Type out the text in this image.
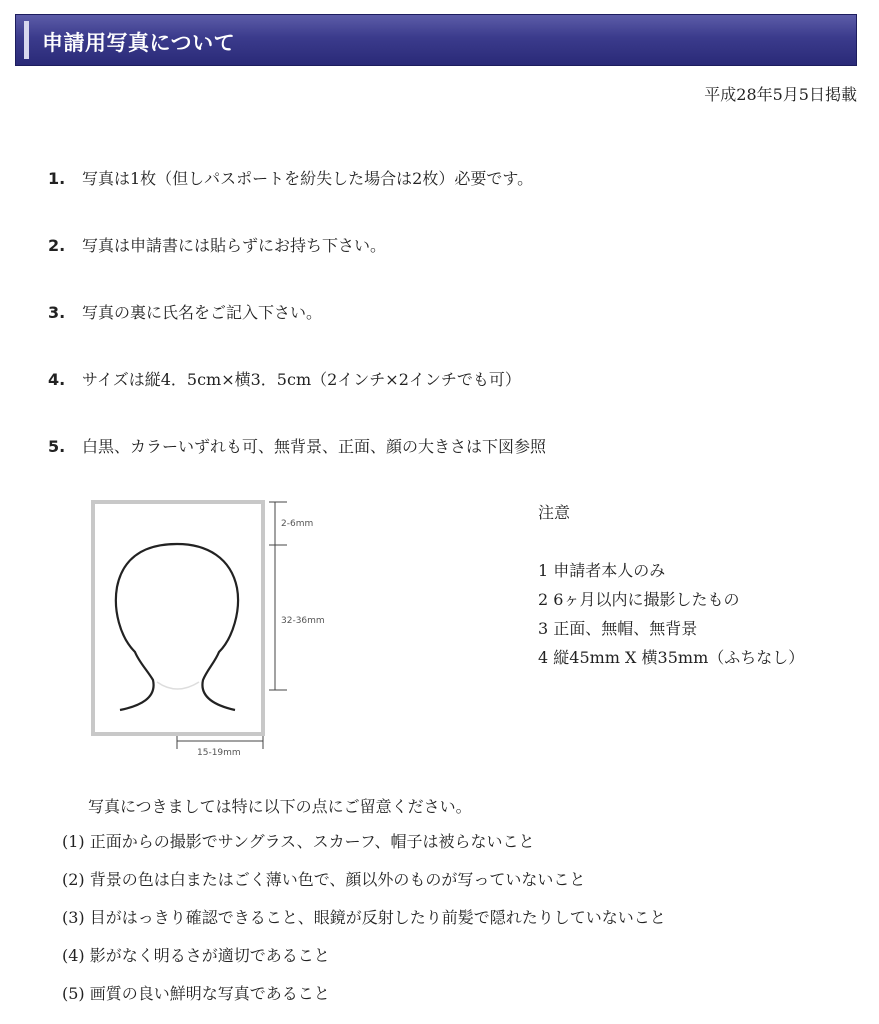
申請用写真について
平成28年5月5日掲載
1. 写真は1枚（但しパスポートを紛失した場合は2枚）必要です。
2. 写真は申請書には貼らずにお持ち下さい。
3. 写真の裏に氏名をご記入下さい。
4. サイズは縦4．5cm×横3．5cm（2インチ×2インチでも可）
5. 白黒、カラーいずれも可、無背景、正面、顔の大きさは下図参照
2-6mm
32-36mm
15-19mm
注意
1 申請者本人のみ
2 6ヶ月以内に撮影したもの
3 正面、無帽、無背景
4 縦45mm X 横35mm（ふちなし）
写真につきましては特に以下の点にご留意ください。
(1) 正面からの撮影でサングラス、スカーフ、帽子は被らないこと
(2) 背景の色は白またはごく薄い色で、顔以外のものが写っていないこと
(3) 目がはっきり確認できること、眼鏡が反射したり前髪で隠れたりしていないこと
(4) 影がなく明るさが適切であること
(5) 画質の良い鮮明な写真であること
